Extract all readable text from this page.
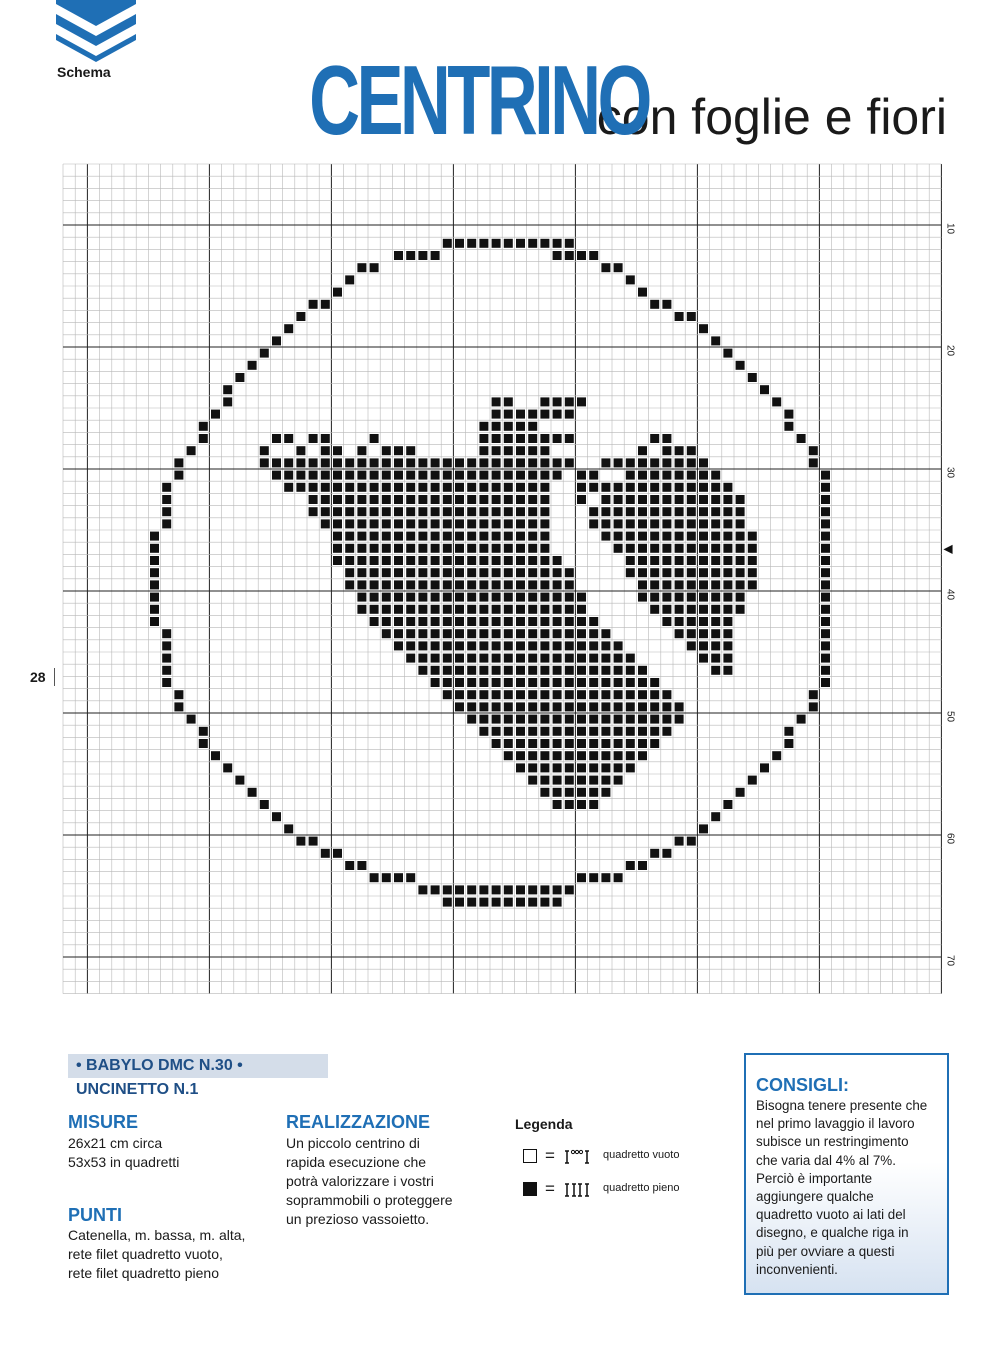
Schema	CENTRINOcon foglie e fiori
28
10
20
30
40
50
60
70
◀
• BABYLO DMC N.30 • UNCINETTO N.1
MISURE
26x21 cm circa
53x53 in quadretti
PUNTI
Catenella, m. bassa, m. alta,
rete filet quadretto vuoto,
rete filet quadretto pieno
REALIZZAZIONE
Un piccolo centrino di
rapida esecuzione che
potrà valorizzare i vostri
soprammobili o proteggere
un prezioso vassoietto.
Legenda
=	quadretto vuoto
=	quadretto pieno
CONSIGLI:
Bisogna tenere presente che
nel primo lavaggio il lavoro
subisce un restringimento
che varia dal 4% al 7%.
Perciò è importante
aggiungere qualche
quadretto vuoto ai lati del
disegno, e qualche riga in
più per ovviare a questi
inconvenienti.
